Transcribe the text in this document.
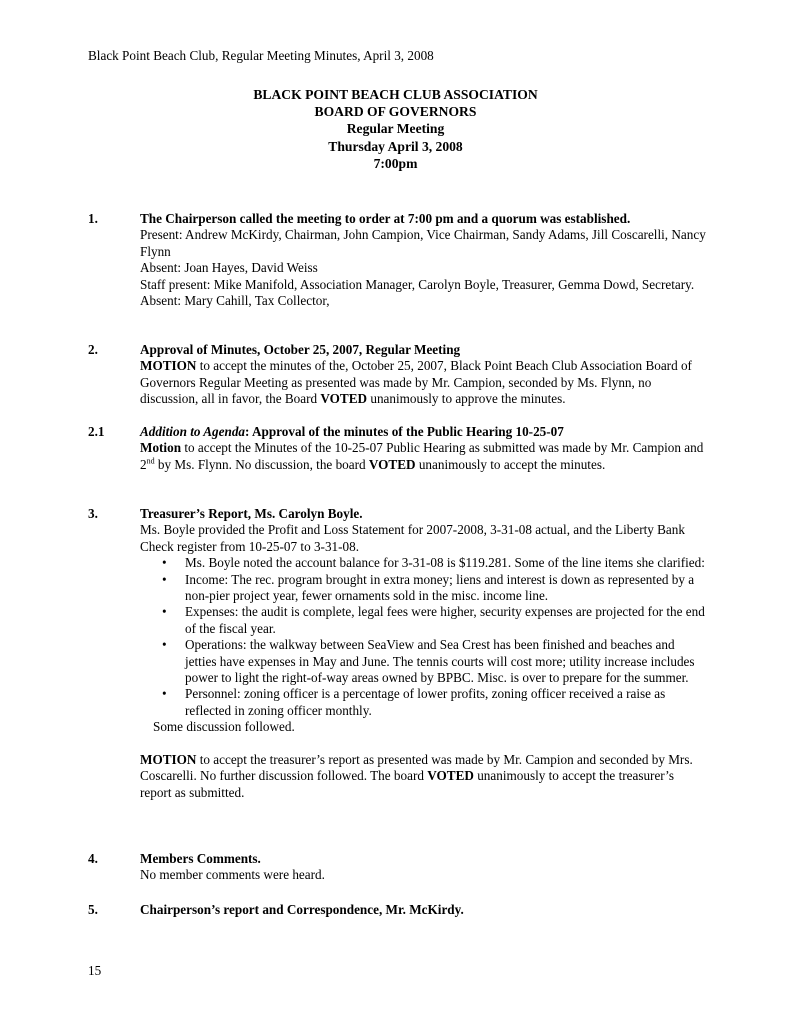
Black Point Beach Club, Regular Meeting Minutes, April 3, 2008
BLACK POINT BEACH CLUB ASSOCIATION
BOARD OF GOVERNORS
Regular Meeting
Thursday April 3, 2008
7:00pm
1.	The Chairperson called the meeting to order at 7:00 pm and a quorum was established.
Present: Andrew McKirdy, Chairman, John Campion, Vice Chairman, Sandy Adams, Jill Coscarelli, Nancy Flynn
Absent: Joan Hayes, David Weiss
Staff present: Mike Manifold, Association Manager, Carolyn Boyle, Treasurer, Gemma Dowd, Secretary.
Absent: Mary Cahill, Tax Collector,
2.	Approval of Minutes, October 25, 2007, Regular Meeting
MOTION to accept the minutes of the, October 25, 2007, Black Point Beach Club Association Board of Governors Regular Meeting as presented was made by Mr. Campion, seconded by Ms. Flynn, no discussion, all in favor, the Board VOTED unanimously to approve the minutes.
2.1	Addition to Agenda: Approval of the minutes of the Public Hearing 10-25-07
Motion to accept the Minutes of the 10-25-07 Public Hearing as submitted was made by Mr. Campion and 2nd by Ms. Flynn. No discussion, the board VOTED unanimously to accept the minutes.
3.	Treasurer’s Report, Ms. Carolyn Boyle.
Ms. Boyle provided the Profit and Loss Statement for 2007-2008, 3-31-08 actual, and the Liberty Bank Check register from 10-25-07 to 3-31-08.
• Ms. Boyle noted the account balance for 3-31-08 is $119.281. Some of the line items she clarified:
• Income: The rec. program brought in extra money; liens and interest is down as represented by a non-pier project year, fewer ornaments sold in the misc. income line.
• Expenses: the audit is complete, legal fees were higher, security expenses are projected for the end of the fiscal year.
• Operations: the walkway between SeaView and Sea Crest has been finished and beaches and jetties have expenses in May and June. The tennis courts will cost more; utility increase includes power to light the right-of-way areas owned by BPBC. Misc. is over to prepare for the summer.
• Personnel: zoning officer is a percentage of lower profits, zoning officer received a raise as reflected in zoning officer monthly.
Some discussion followed.
MOTION to accept the treasurer’s report as presented was made by Mr. Campion and seconded by Mrs. Coscarelli. No further discussion followed. The board VOTED unanimously to accept the treasurer’s report as submitted.
4.	Members Comments.
No member comments were heard.
5.	Chairperson’s report and Correspondence, Mr. McKirdy.
15
